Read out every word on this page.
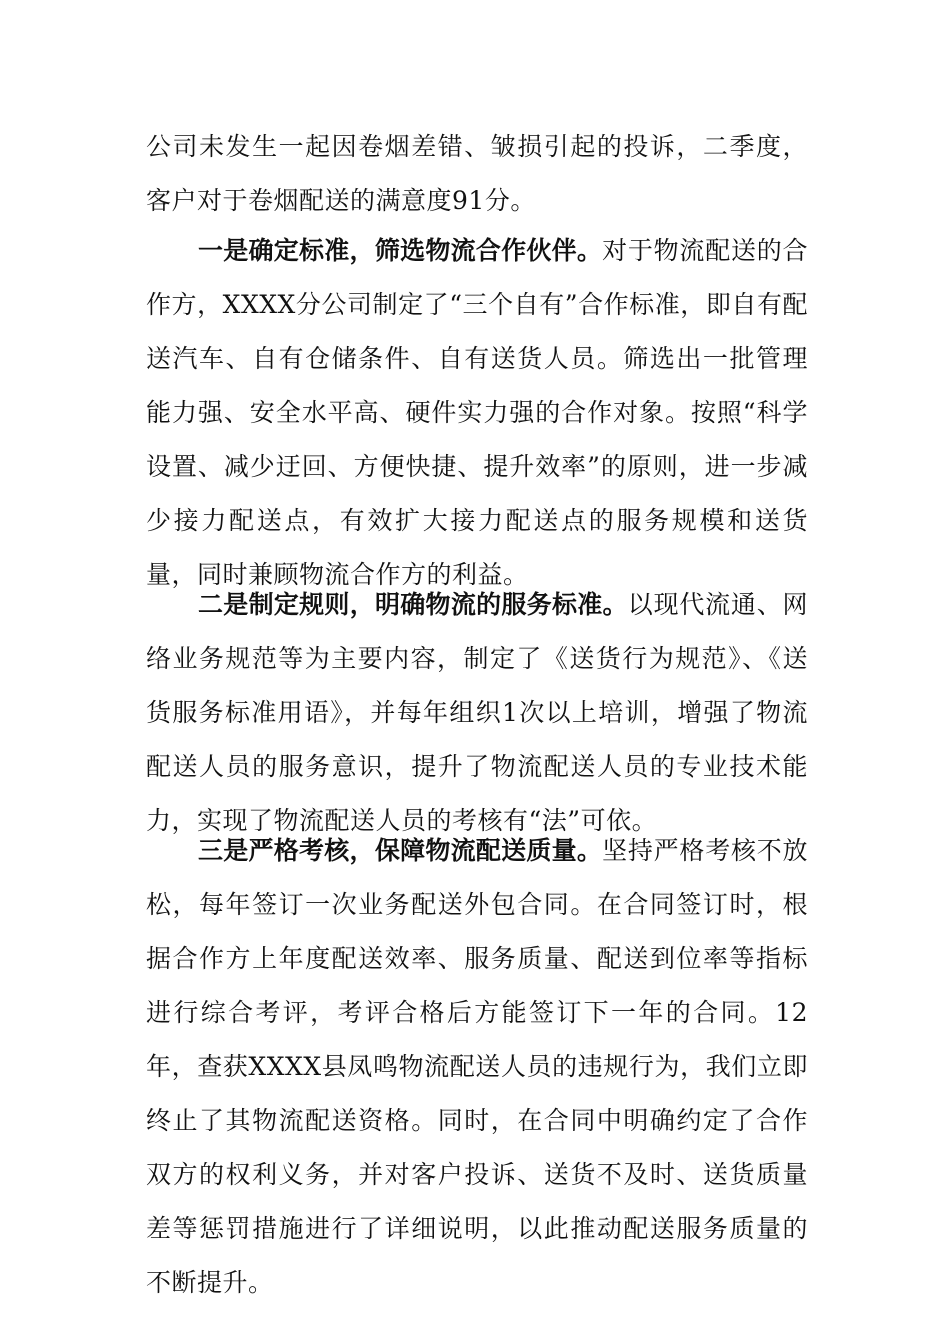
公司未发生一起因卷烟差错、皱损引起的投诉，二季度，客户对于卷烟配送的满意度91分。

一是确定标准，筛选物流合作伙伴。对于物流配送的合作方，XXXX分公司制定了“三个自有”合作标准，即自有配送汽车、自有仓储条件、自有送货人员。筛选出一批管理能力强、安全水平高、硬件实力强的合作对象。按照“科学设置、减少迂回、方便快捷、提升效率”的原则，进一步减少接力配送点，有效扩大接力配送点的服务规模和送货量，同时兼顾物流合作方的利益。

二是制定规则，明确物流的服务标准。以现代流通、网络业务规范等为主要内容，制定了《送货行为规范》、《送货服务标准用语》，并每年组织1次以上培训，增强了物流配送人员的服务意识，提升了物流配送人员的专业技术能力，实现了物流配送人员的考核有“法”可依。

三是严格考核，保障物流配送质量。坚持严格考核不放松，每年签订一次业务配送外包合同。在合同签订时，根据合作方上年度配送效率、服务质量、配送到位率等指标进行综合考评，考评合格后方能签订下一年的合同。12年，查获XXXX县凤鸣物流配送人员的违规行为，我们立即终止了其物流配送资格。同时，在合同中明确约定了合作双方的权利义务，并对客户投诉、送货不及时、送货质量差等惩罚措施进行了详细说明，以此推动配送服务质量的不断提升。
